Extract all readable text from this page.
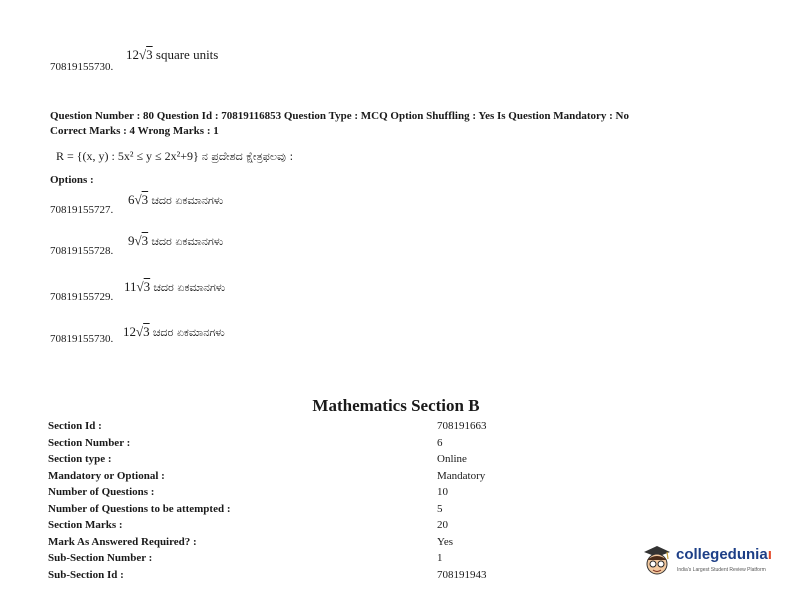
70819155730.
12√3 square units
Question Number : 80 Question Id : 70819116853 Question Type : MCQ Option Shuffling : Yes Is Question Mandatory : No
Correct Marks : 4 Wrong Marks : 1
R = {(x, y) : 5x² ≤ y ≤ 2x²+9} ನ ಪ್ರದೇಶದ ಕ್ಷೇತ್ರಫಲವು :
Options :
70819155727.
6√3 ಚದರ ಏಕಮಾನಗಳು
70819155728.
9√3 ಚದರ ಏಕಮಾನಗಳು
70819155729.
11√3 ಚದರ ಏಕಮಾನಗಳು
70819155730. 12√3 ಚದರ ಏಕಮಾನಗಳು
Mathematics Section B
Section Id :	708191663
Section Number :	6
Section type :	Online
Mandatory or Optional :	Mandatory
Number of Questions :	10
Number of Questions to be attempted :	5
Section Marks :	20
Mark As Answered Required? :	Yes
Sub-Section Number :	1
Sub-Section Id :	708191943
collegeduniaı
India's Largest Student Review Platform
